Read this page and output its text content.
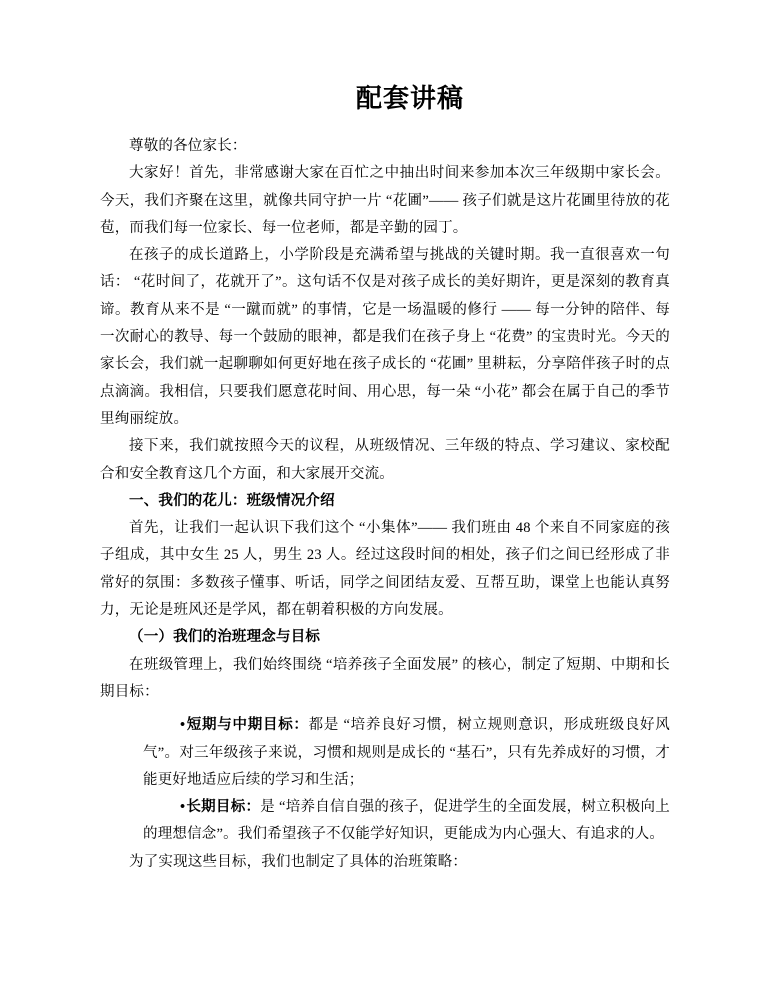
配套讲稿

尊敬的各位家长：

大家好！首先，非常感谢大家在百忙之中抽出时间来参加本次三年级期中家长会。今天，我们齐聚在这里，就像共同守护一片 “花圃”—— 孩子们就是这片花圃里待放的花苞，而我们每一位家长、每一位老师，都是辛勤的园丁。

在孩子的成长道路上，小学阶段是充满希望与挑战的关键时期。我一直很喜欢一句话： “花时间了，花就开了”。这句话不仅是对孩子成长的美好期许，更是深刻的教育真谛。教育从来不是 “一蹴而就” 的事情，它是一场温暖的修行 —— 每一分钟的陪伴、每一次耐心的教导、每一个鼓励的眼神，都是我们在孩子身上 “花费” 的宝贵时光。今天的家长会，我们就一起聊聊如何更好地在孩子成长的 “花圃” 里耕耘，分享陪伴孩子时的点点滴滴。我相信，只要我们愿意花时间、用心思，每一朵 “小花” 都会在属于自己的季节里绚丽绽放。

接下来，我们就按照今天的议程，从班级情况、三年级的特点、学习建议、家校配合和安全教育这几个方面，和大家展开交流。

一、我们的花儿：班级情况介绍

首先，让我们一起认识下我们这个 “小集体”—— 我们班由 48 个来自不同家庭的孩子组成，其中女生 25 人，男生 23 人。经过这段时间的相处，孩子们之间已经形成了非常好的氛围：多数孩子懂事、听话，同学之间团结友爱、互帮互助，课堂上也能认真努力，无论是班风还是学风，都在朝着积极的方向发展。

（一）我们的治班理念与目标

在班级管理上，我们始终围绕 “培养孩子全面发展” 的核心，制定了短期、中期和长期目标：

•短期与中期目标：都是 “培养良好习惯，树立规则意识，形成班级良好风气”。对三年级孩子来说，习惯和规则是成长的 “基石”，只有先养成好的习惯，才能更好地适应后续的学习和生活；
•长期目标：是 “培养自信自强的孩子，促进学生的全面发展，树立积极向上的理想信念”。我们希望孩子不仅能学好知识，更能成为内心强大、有追求的人。

为了实现这些目标，我们也制定了具体的治班策略：
